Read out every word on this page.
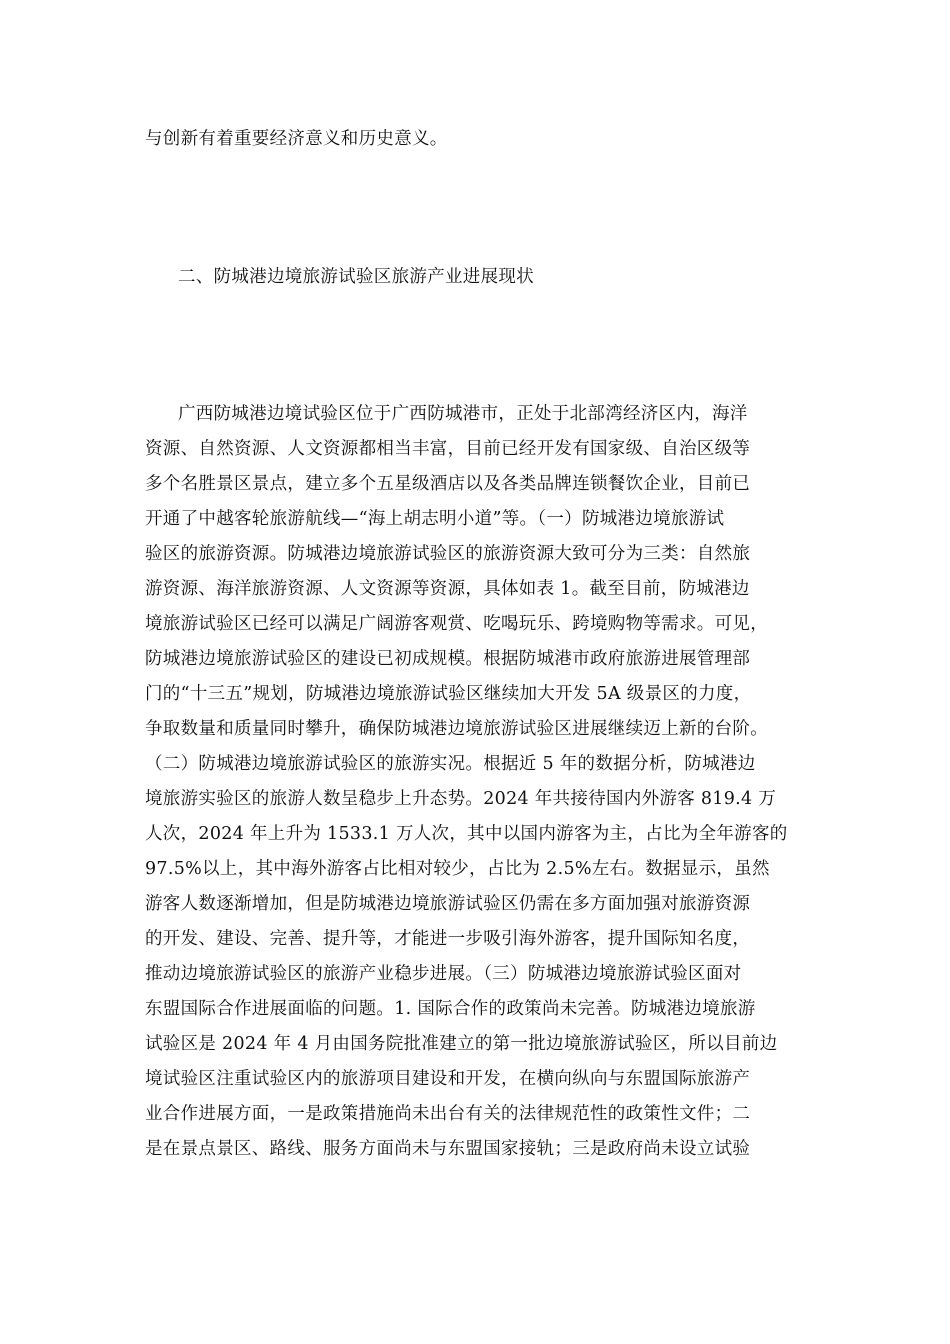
与创新有着重要经济意义和历史意义。
二、防城港边境旅游试验区旅游产业进展现状
广西防城港边境试验区位于广西防城港市，正处于北部湾经济区内，海洋
资源、自然资源、人文资源都相当丰富，目前已经开发有国家级、自治区级等
多个名胜景区景点，建立多个五星级酒店以及各类品牌连锁餐饮企业，目前已
开通了中越客轮旅游航线—“海上胡志明小道”等。（一）防城港边境旅游试
验区的旅游资源。防城港边境旅游试验区的旅游资源大致可分为三类：自然旅
游资源、海洋旅游资源、人文资源等资源，具体如表 1。截至目前，防城港边
境旅游试验区已经可以满足广阔游客观赏、吃喝玩乐、跨境购物等需求。可见，
防城港边境旅游试验区的建设已初成规模。根据防城港市政府旅游进展管理部
门的“十三五”规划，防城港边境旅游试验区继续加大开发 5A 级景区的力度，
争取数量和质量同时攀升，确保防城港边境旅游试验区进展继续迈上新的台阶。
（二）防城港边境旅游试验区的旅游实况。根据近 5 年的数据分析，防城港边
境旅游实验区的旅游人数呈稳步上升态势。2024 年共接待国内外游客 819.4 万
人次，2024 年上升为 1533.1 万人次，其中以国内游客为主，占比为全年游客的
97.5%以上，其中海外游客占比相对较少，占比为 2.5%左右。数据显示，虽然
游客人数逐渐增加，但是防城港边境旅游试验区仍需在多方面加强对旅游资源
的开发、建设、完善、提升等，才能进一步吸引海外游客，提升国际知名度，
推动边境旅游试验区的旅游产业稳步进展。（三）防城港边境旅游试验区面对
东盟国际合作进展面临的问题。1. 国际合作的政策尚未完善。防城港边境旅游
试验区是 2024 年 4 月由国务院批准建立的第一批边境旅游试验区，所以目前边
境试验区注重试验区内的旅游项目建设和开发，在横向纵向与东盟国际旅游产
业合作进展方面，一是政策措施尚未出台有关的法律规范性的政策性文件；二
是在景点景区、路线、服务方面尚未与东盟国家接轨；三是政府尚未设立试验
